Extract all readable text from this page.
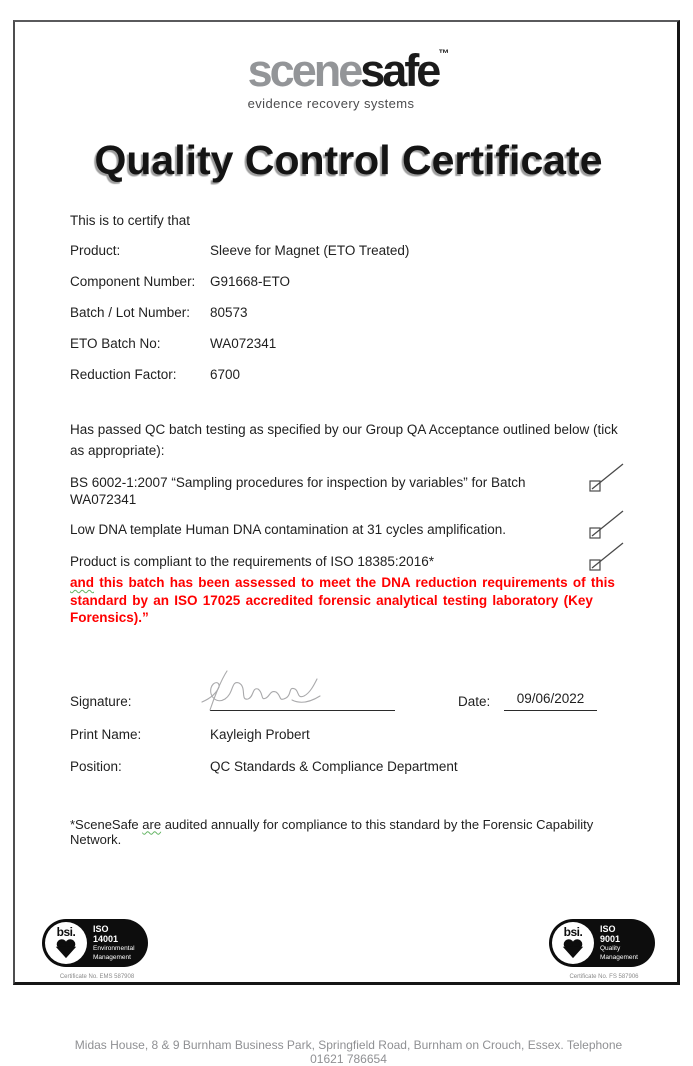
scenesafe™
evidence recovery systems
Quality Control Certificate
This is to certify that
Product:	Sleeve for Magnet (ETO Treated)
Component Number:	G91668-ETO
Batch / Lot Number:	80573
ETO Batch No:	WA072341
Reduction Factor:	6700
Has passed QC batch testing as specified by our Group QA Acceptance outlined below (tick as appropriate):
BS 6002-1:2007 “Sampling procedures for inspection by variables” for Batch WA072341
Low DNA template Human DNA contamination at 31 cycles amplification.
Product is compliant to the requirements of ISO 18385:2016*
and this batch has been assessed to meet the DNA reduction requirements of this standard by an ISO 17025 accredited forensic analytical testing laboratory (Key Forensics).”
Signature:	Date:	09/06/2022
Print Name:	Kayleigh Probert
Position:	QC Standards & Compliance Department
*SceneSafe are audited annually for compliance to this standard by the Forensic Capability Network.
bsi. ISO
14001
Environmental
Management
Certificate No. EMS 587908
bsi. ISO
9001
Quality
Management
Certificate No. FS 587906
Midas House, 8 & 9 Burnham Business Park, Springfield Road, Burnham on Crouch, Essex. Telephone 01621 786654
